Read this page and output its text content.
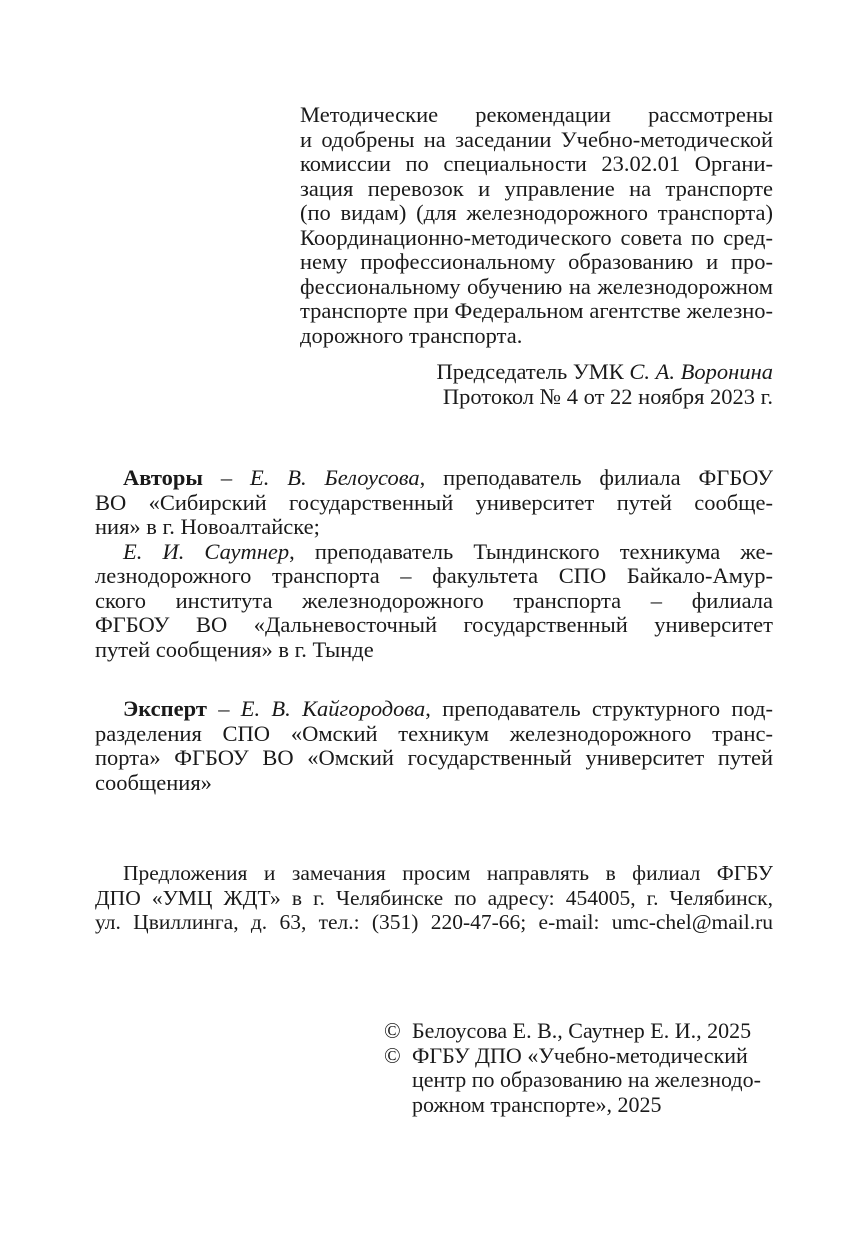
Методические рекомендации рассмотрены
и одобрены на заседании Учебно-методической
комиссии по специальности 23.02.01 Органи-
зация перевозок и управление на транспорте
(по видам) (для железнодорожного транспорта)
Координационно-методического совета по сред-
нему профессиональному образованию и про-
фессиональному обучению на железнодорожном
транспорте при Федеральном агентстве железно-
дорожного транспорта.
Председатель УМК С. А. Воронина
Протокол № 4 от 22 ноября 2023 г.
Авторы – Е. В. Белоусова, преподаватель филиала ФГБОУ
ВО «Сибирский государственный университет путей сообще-
ния» в г. Новоалтайске;
Е. И. Саутнер, преподаватель Тындинского техникума же-
лезнодорожного транспорта – факультета СПО Байкало-Амур-
ского института железнодорожного транспорта – филиала
ФГБОУ ВО «Дальневосточный государственный университет
путей сообщения» в г. Тынде
Эксперт – Е. В. Кайгородова, преподаватель структурного под-
разделения СПО «Омский техникум железнодорожного транс-
порта» ФГБОУ ВО «Омский государственный университет путей
сообщения»
Предложения и замечания просим направлять в филиал ФГБУ
ДПО «УМЦ ЖДТ» в г. Челябинске по адресу: 454005, г. Челябинск,
ул. Цвиллинга, д. 63, тел.: (351) 220-47-66; e-mail: umc-chel@mail.ru
© Белоусова Е. В., Саутнер Е. И., 2025
© ФГБУ ДПО «Учебно-методический
центр по образованию на железнодо-
рожном транспорте», 2025
